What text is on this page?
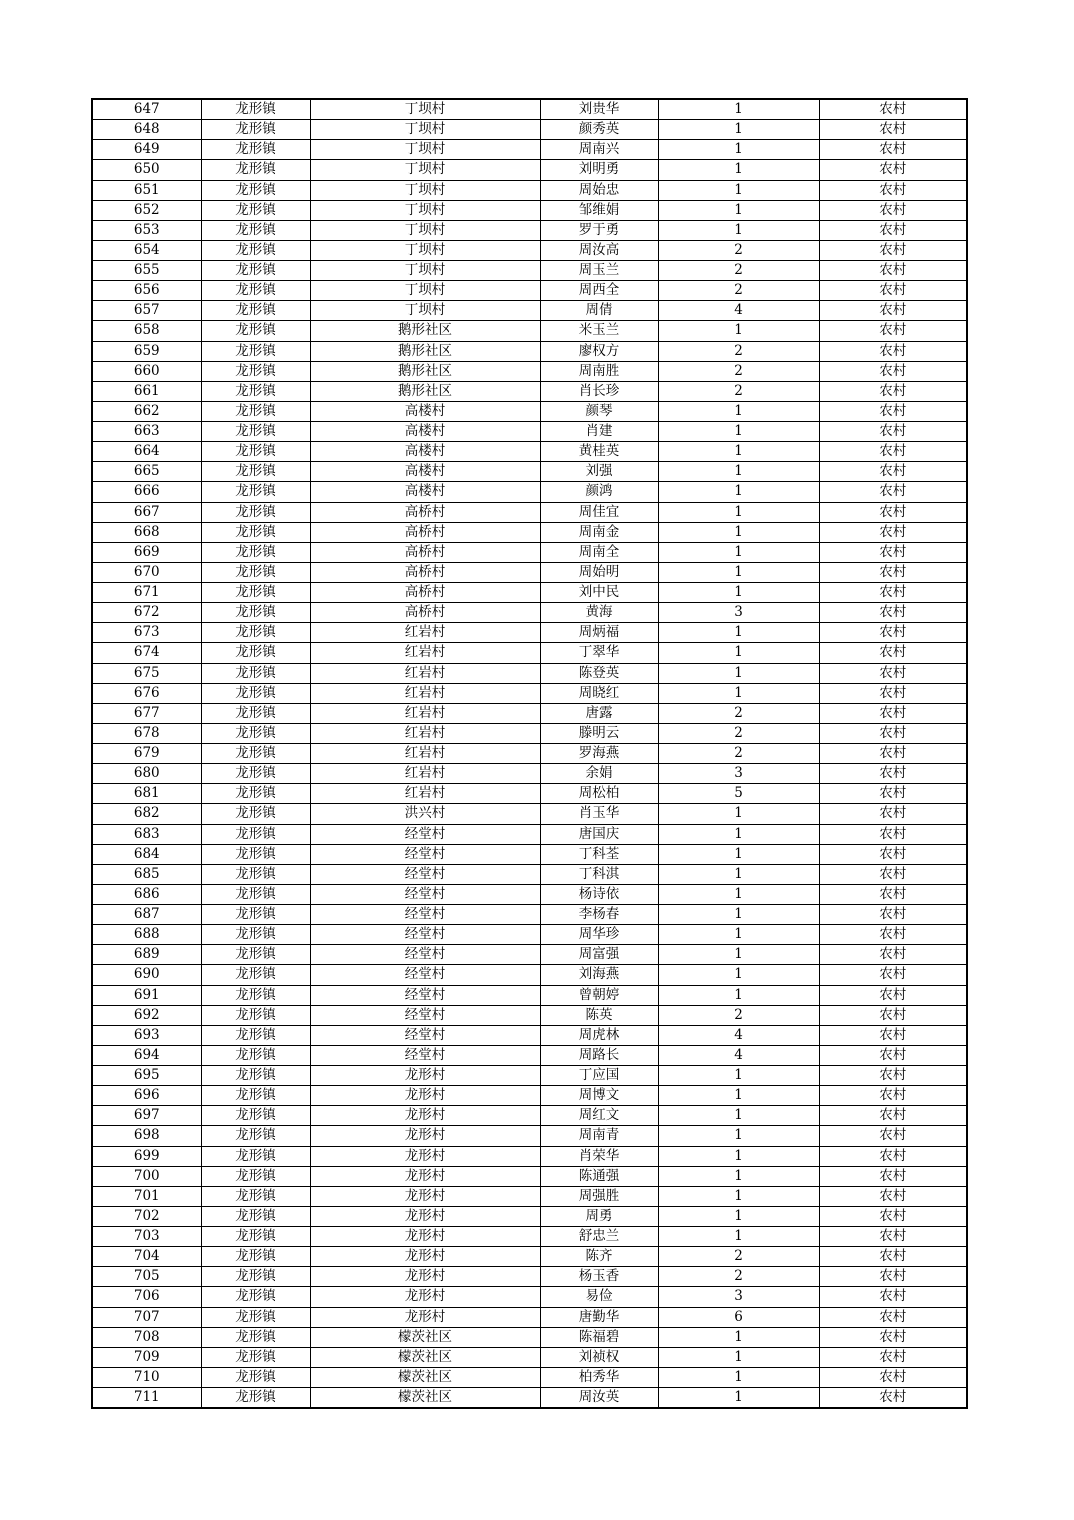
647	龙形镇	丁坝村	刘贵华	1	农村
648	龙形镇	丁坝村	颜秀英	1	农村
649	龙形镇	丁坝村	周南兴	1	农村
650	龙形镇	丁坝村	刘明勇	1	农村
651	龙形镇	丁坝村	周始忠	1	农村
652	龙形镇	丁坝村	邹维娟	1	农村
653	龙形镇	丁坝村	罗于勇	1	农村
654	龙形镇	丁坝村	周汝高	2	农村
655	龙形镇	丁坝村	周玉兰	2	农村
656	龙形镇	丁坝村	周西全	2	农村
657	龙形镇	丁坝村	周倩	4	农村
658	龙形镇	鹅形社区	米玉兰	1	农村
659	龙形镇	鹅形社区	廖权方	2	农村
660	龙形镇	鹅形社区	周南胜	2	农村
661	龙形镇	鹅形社区	肖长珍	2	农村
662	龙形镇	高楼村	颜琴	1	农村
663	龙形镇	高楼村	肖建	1	农村
664	龙形镇	高楼村	黄桂英	1	农村
665	龙形镇	高楼村	刘强	1	农村
666	龙形镇	高楼村	颜鸿	1	农村
667	龙形镇	高桥村	周佳宜	1	农村
668	龙形镇	高桥村	周南金	1	农村
669	龙形镇	高桥村	周南全	1	农村
670	龙形镇	高桥村	周始明	1	农村
671	龙形镇	高桥村	刘中民	1	农村
672	龙形镇	高桥村	黄海	3	农村
673	龙形镇	红岩村	周炳福	1	农村
674	龙形镇	红岩村	丁翠华	1	农村
675	龙形镇	红岩村	陈登英	1	农村
676	龙形镇	红岩村	周晓红	1	农村
677	龙形镇	红岩村	唐露	2	农村
678	龙形镇	红岩村	滕明云	2	农村
679	龙形镇	红岩村	罗海燕	2	农村
680	龙形镇	红岩村	余娟	3	农村
681	龙形镇	红岩村	周松柏	5	农村
682	龙形镇	洪兴村	肖玉华	1	农村
683	龙形镇	经堂村	唐国庆	1	农村
684	龙形镇	经堂村	丁科荃	1	农村
685	龙形镇	经堂村	丁科淇	1	农村
686	龙形镇	经堂村	杨诗依	1	农村
687	龙形镇	经堂村	李杨春	1	农村
688	龙形镇	经堂村	周华珍	1	农村
689	龙形镇	经堂村	周富强	1	农村
690	龙形镇	经堂村	刘海燕	1	农村
691	龙形镇	经堂村	曾朝婷	1	农村
692	龙形镇	经堂村	陈英	2	农村
693	龙形镇	经堂村	周虎林	4	农村
694	龙形镇	经堂村	周路长	4	农村
695	龙形镇	龙形村	丁应国	1	农村
696	龙形镇	龙形村	周博文	1	农村
697	龙形镇	龙形村	周红文	1	农村
698	龙形镇	龙形村	周南青	1	农村
699	龙形镇	龙形村	肖荣华	1	农村
700	龙形镇	龙形村	陈通强	1	农村
701	龙形镇	龙形村	周强胜	1	农村
702	龙形镇	龙形村	周勇	1	农村
703	龙形镇	龙形村	舒忠兰	1	农村
704	龙形镇	龙形村	陈齐	2	农村
705	龙形镇	龙形村	杨玉香	2	农村
706	龙形镇	龙形村	易俭	3	农村
707	龙形镇	龙形村	唐勤华	6	农村
708	龙形镇	檬茨社区	陈福碧	1	农村
709	龙形镇	檬茨社区	刘祯权	1	农村
710	龙形镇	檬茨社区	柏秀华	1	农村
711	龙形镇	檬茨社区	周汝英	1	农村
